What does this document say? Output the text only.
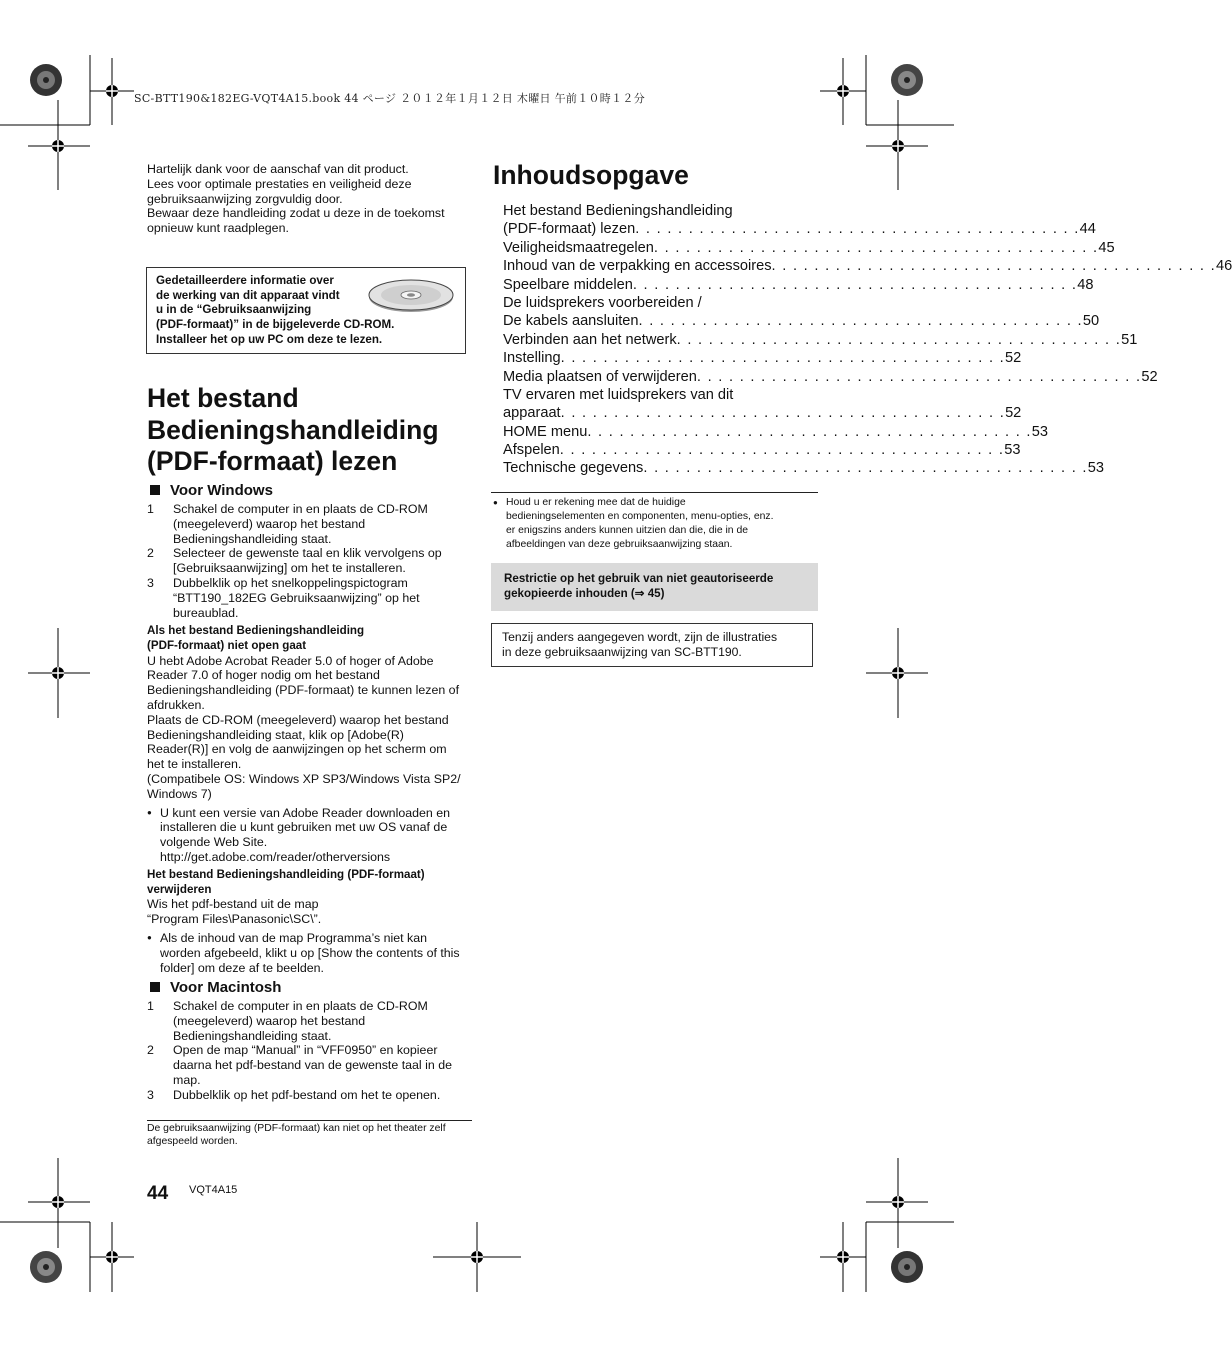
SC-BTT190&182EG-VQT4A15.book 44 ページ ２０１２年１月１２日 木曜日 午前１０時１２分

Hartelijk dank voor de aanschaf van dit product.

Lees voor optimale prestaties en veiligheid deze

gebruiksaanwijzing zorgvuldig door.

Bewaar deze handleiding zodat u deze in de toekomst

opnieuw kunt raadplegen.

Gedetailleerdere informatie over
de werking van dit apparaat vindt
u in de “Gebruiksaanwijzing
(PDF-formaat)” in de bijgeleverde CD-ROM.
Installeer het op uw PC om deze te lezen.
Het bestand
Bedieningshandleiding
(PDF-formaat) lezen
Voor Windows
1 Schakel de computer in en plaats de CD-ROM
(meegeleverd) waarop het bestand
Bedieningshandleiding staat.
2 Selecteer de gewenste taal en klik vervolgens op
[Gebruiksaanwijzing] om het te installeren.
3 Dubbelklik op het snelkoppelingspictogram
“BTT190_182EG Gebruiksaanwijzing” op het
bureaublad.
Als het bestand Bedieningshandleiding
(PDF-formaat) niet open gaat

U hebt Adobe Acrobat Reader 5.0 of hoger of Adobe

Reader 7.0 of hoger nodig om het bestand

Bedieningshandleiding (PDF-formaat) te kunnen lezen of

afdrukken.

Plaats de CD-ROM (meegeleverd) waarop het bestand

Bedieningshandleiding staat, klik op [Adobe(R)

Reader(R)] en volg de aanwijzingen op het scherm om

het te installeren.

(Compatibele OS: Windows XP SP3/Windows Vista SP2/

Windows 7)

● U kunt een versie van Adobe Reader downloaden en
installeren die u kunt gebruiken met uw OS vanaf de
volgende Web Site.
http://get.adobe.com/reader/otherversions
Het bestand Bedieningshandleiding (PDF-formaat)
verwijderen

Wis het pdf-bestand uit de map

“Program Files\Panasonic\SC\”.

● Als de inhoud van de map Programma’s niet kan
worden afgebeeld, klikt u op [Show the contents of this
folder] om deze af te beelden.
Voor Macintosh
1 Schakel de computer in en plaats de CD-ROM
(meegeleverd) waarop het bestand
Bedieningshandleiding staat.
2 Open de map “Manual” in “VFF0950” en kopieer
daarna het pdf-bestand van de gewenste taal in de
map.
3 Dubbelklik op het pdf-bestand om het te openen.
De gebruiksaanwijzing (PDF-formaat) kan niet op het theater zelf
afgespeeld worden.
Inhoudsopgave
Het bestand Bedieningshandleiding
(PDF-formaat) lezen . . . . . . . . . . . . . . . . . . . . . . . . . . . . . . . . . . . . . . . . . . 44
Veiligheidsmaatregelen . . . . . . . . . . . . . . . . . . . . . . . . . . . . . . . . . . . . . . . . . . 45
Inhoud van de verpakking en accessoires . . . . . . . . . . . . . . . . . . . . . . . . . . . . . . . . . . . . . . . . . . 46
Speelbare middelen . . . . . . . . . . . . . . . . . . . . . . . . . . . . . . . . . . . . . . . . . . 48
De luidsprekers voorbereiden /
De kabels aansluiten . . . . . . . . . . . . . . . . . . . . . . . . . . . . . . . . . . . . . . . . . . 50
Verbinden aan het netwerk . . . . . . . . . . . . . . . . . . . . . . . . . . . . . . . . . . . . . . . . . . 51
Instelling . . . . . . . . . . . . . . . . . . . . . . . . . . . . . . . . . . . . . . . . . . 52
Media plaatsen of verwijderen . . . . . . . . . . . . . . . . . . . . . . . . . . . . . . . . . . . . . . . . . . 52
TV ervaren met luidsprekers van dit
apparaat . . . . . . . . . . . . . . . . . . . . . . . . . . . . . . . . . . . . . . . . . . 52
HOME menu . . . . . . . . . . . . . . . . . . . . . . . . . . . . . . . . . . . . . . . . . . 53
Afspelen . . . . . . . . . . . . . . . . . . . . . . . . . . . . . . . . . . . . . . . . . . 53
Technische gegevens . . . . . . . . . . . . . . . . . . . . . . . . . . . . . . . . . . . . . . . . . . 53
● Houd u er rekening mee dat de huidige
bedieningselementen en componenten, menu-opties, enz.
er enigszins anders kunnen uitzien dan die, die in de
afbeeldingen van deze gebruiksaanwijzing staan.
Restrictie op het gebruik van niet geautoriseerde
gekopieerde inhouden (⇒ 45)
Tenzij anders aangegeven wordt, zijn de illustraties
in deze gebruiksaanwijzing van SC-BTT190.
44 VQT4A15
